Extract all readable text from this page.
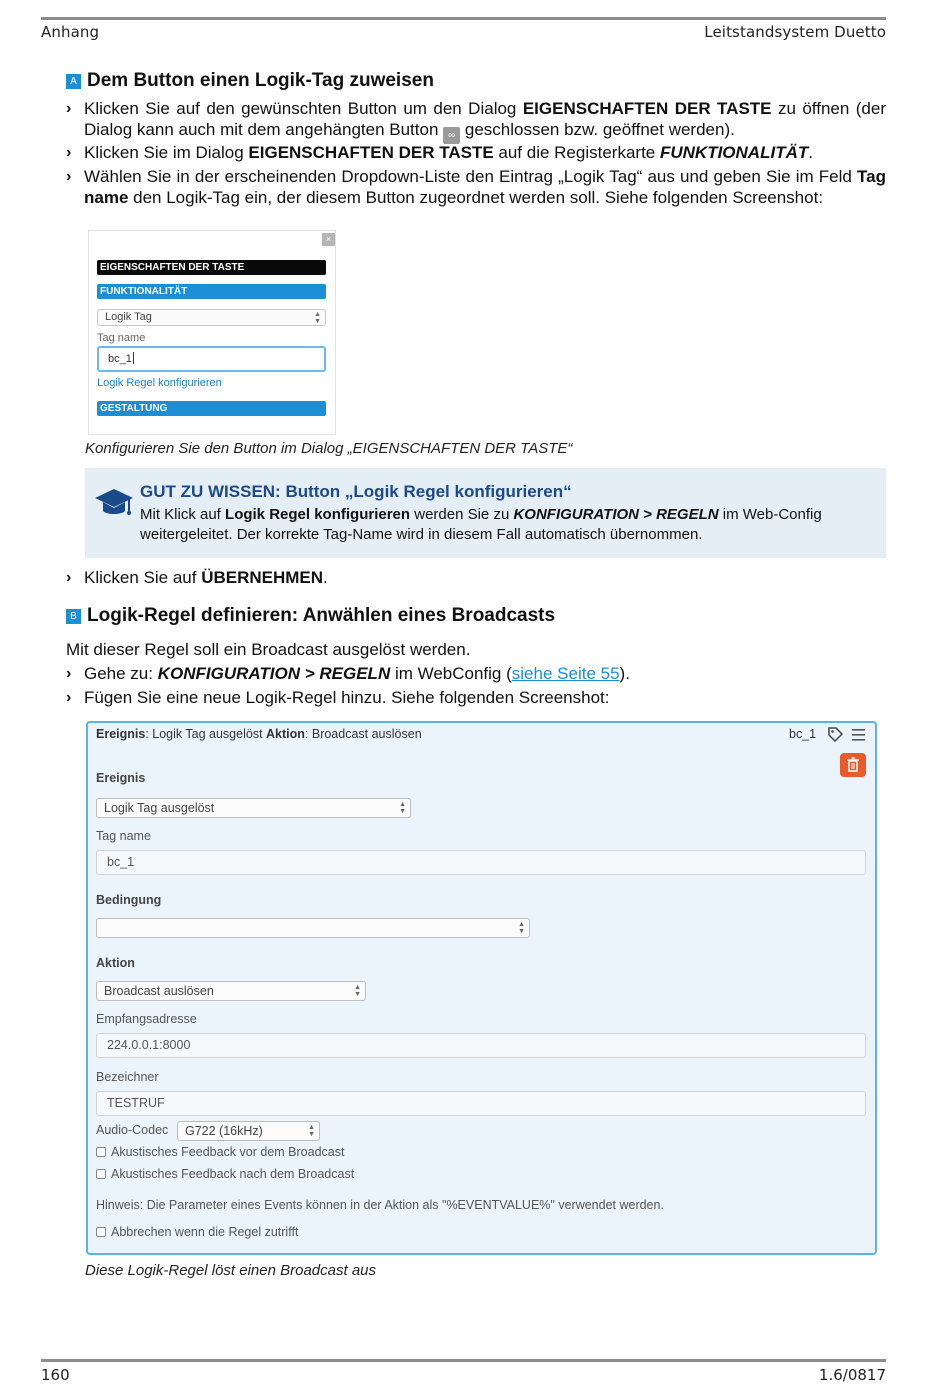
Anhang	Leitstandsystem Duetto
A Dem Button einen Logik-Tag zuweisen
› Klicken Sie auf den gewünschten Button um den Dialog EIGENSCHAFTEN DER TASTE zu öffnen (der Dialog kann auch mit dem angehängten Button ∞ geschlossen bzw. geöffnet werden).
› Klicken Sie im Dialog EIGENSCHAFTEN DER TASTE auf die Registerkarte FUNKTIONALITÄT.
› Wählen Sie in der erscheinenden Dropdown-Liste den Eintrag „Logik Tag“ aus und geben Sie im Feld Tag name den Logik-Tag ein, der diesem Button zugeordnet werden soll. Siehe folgenden Screenshot:
×
EIGENSCHAFTEN DER TASTE
FUNKTIONALITÄT
Logik Tag	▲
▼
Tag name
bc_1
Logik Regel konfigurieren
GESTALTUNG
Konfigurieren Sie den Button im Dialog „EIGENSCHAFTEN DER TASTE“
GUT ZU WISSEN: Button „Logik Regel konfigurieren“
Mit Klick auf Logik Regel konfigurieren werden Sie zu KONFIGURATION > REGELN im Web-Config weitergeleitet. Der korrekte Tag-Name wird in diesem Fall automatisch übernommen.
› Klicken Sie auf ÜBERNEHMEN.
B Logik-Regel definieren: Anwählen eines Broadcasts
Mit dieser Regel soll ein Broadcast ausgelöst werden.
› Gehe zu: KONFIGURATION > REGELN im WebConfig (siehe Seite 55).
› Fügen Sie eine neue Logik-Regel hinzu. Siehe folgenden Screenshot:
Ereignis: Logik Tag ausgelöst Aktion: Broadcast auslösen	bc_1
Ereignis
Logik Tag ausgelöst	▲
▼
Tag name
bc_1
Bedingung
▲
▼
Aktion
Broadcast auslösen	▲
▼
Empfangsadresse
224.0.0.1:8000
Bezeichner
TESTRUF
Audio-Codec	G722 (16kHz)	▲
▼
Akustisches Feedback vor dem Broadcast
Akustisches Feedback nach dem Broadcast
Hinweis: Die Parameter eines Events können in der Aktion als "%EVENTVALUE%" verwendet werden.
Abbrechen wenn die Regel zutrifft
Diese Logik-Regel löst einen Broadcast aus
160	1.6/0817
